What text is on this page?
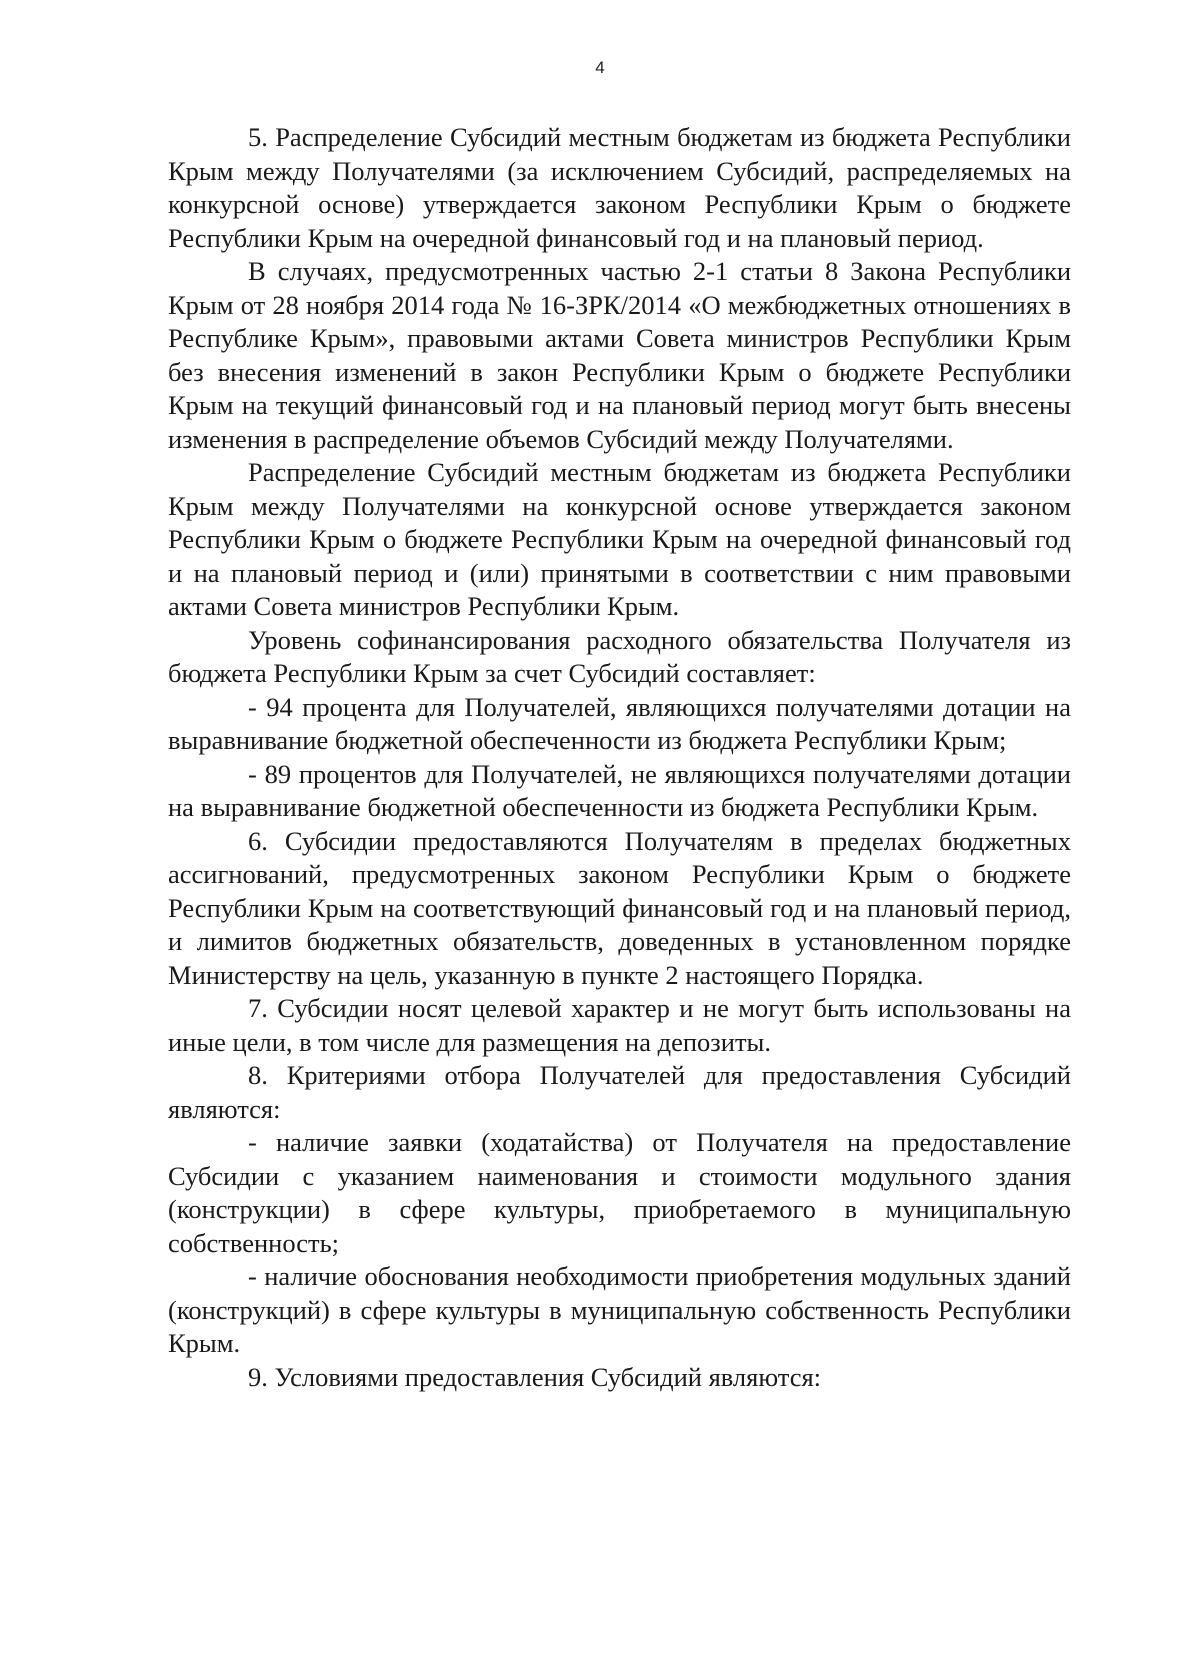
4

5. Распределение Субсидий местным бюджетам из бюджета Республики Крым между Получателями (за исключением Субсидий, распределяемых на конкурсной основе) утверждается законом Республики Крым о бюджете Республики Крым на очередной финансовый год и на плановый период.

В случаях, предусмотренных частью 2-1 статьи 8 Закона Республики Крым от 28 ноября 2014 года № 16-ЗРК/2014 «О межбюджетных отношениях в Республике Крым», правовыми актами Совета министров Республики Крым без внесения изменений в закон Республики Крым о бюджете Республики Крым на текущий финансовый год и на плановый период могут быть внесены изменения в распределение объемов Субсидий между Получателями.

Распределение Субсидий местным бюджетам из бюджета Республики Крым между Получателями на конкурсной основе утверждается законом Республики Крым о бюджете Республики Крым на очередной финансовый год и на плановый период и (или) принятыми в соответствии с ним правовыми актами Совета министров Республики Крым.

Уровень софинансирования расходного обязательства Получателя из бюджета Республики Крым за счет Субсидий составляет:

- 94 процента для Получателей, являющихся получателями дотации на выравнивание бюджетной обеспеченности из бюджета Республики Крым;

- 89 процентов для Получателей, не являющихся получателями дотации на выравнивание бюджетной обеспеченности из бюджета Республики Крым.

6. Субсидии предоставляются Получателям в пределах бюджетных ассигнований, предусмотренных законом Республики Крым о бюджете Республики Крым на соответствующий финансовый год и на плановый период, и лимитов бюджетных обязательств, доведенных в установленном порядке Министерству на цель, указанную в пункте 2 настоящего Порядка.

7. Субсидии носят целевой характер и не могут быть использованы на иные цели, в том числе для размещения на депозиты.

8. Критериями отбора Получателей для предоставления Субсидий являются:

- наличие заявки (ходатайства) от Получателя на предоставление Субсидии с указанием наименования и стоимости модульного здания (конструкции) в сфере культуры, приобретаемого в муниципальную собственность;

- наличие обоснования необходимости приобретения модульных зданий (конструкций) в сфере культуры в муниципальную собственность Республики Крым.

9. Условиями предоставления Субсидий являются:
